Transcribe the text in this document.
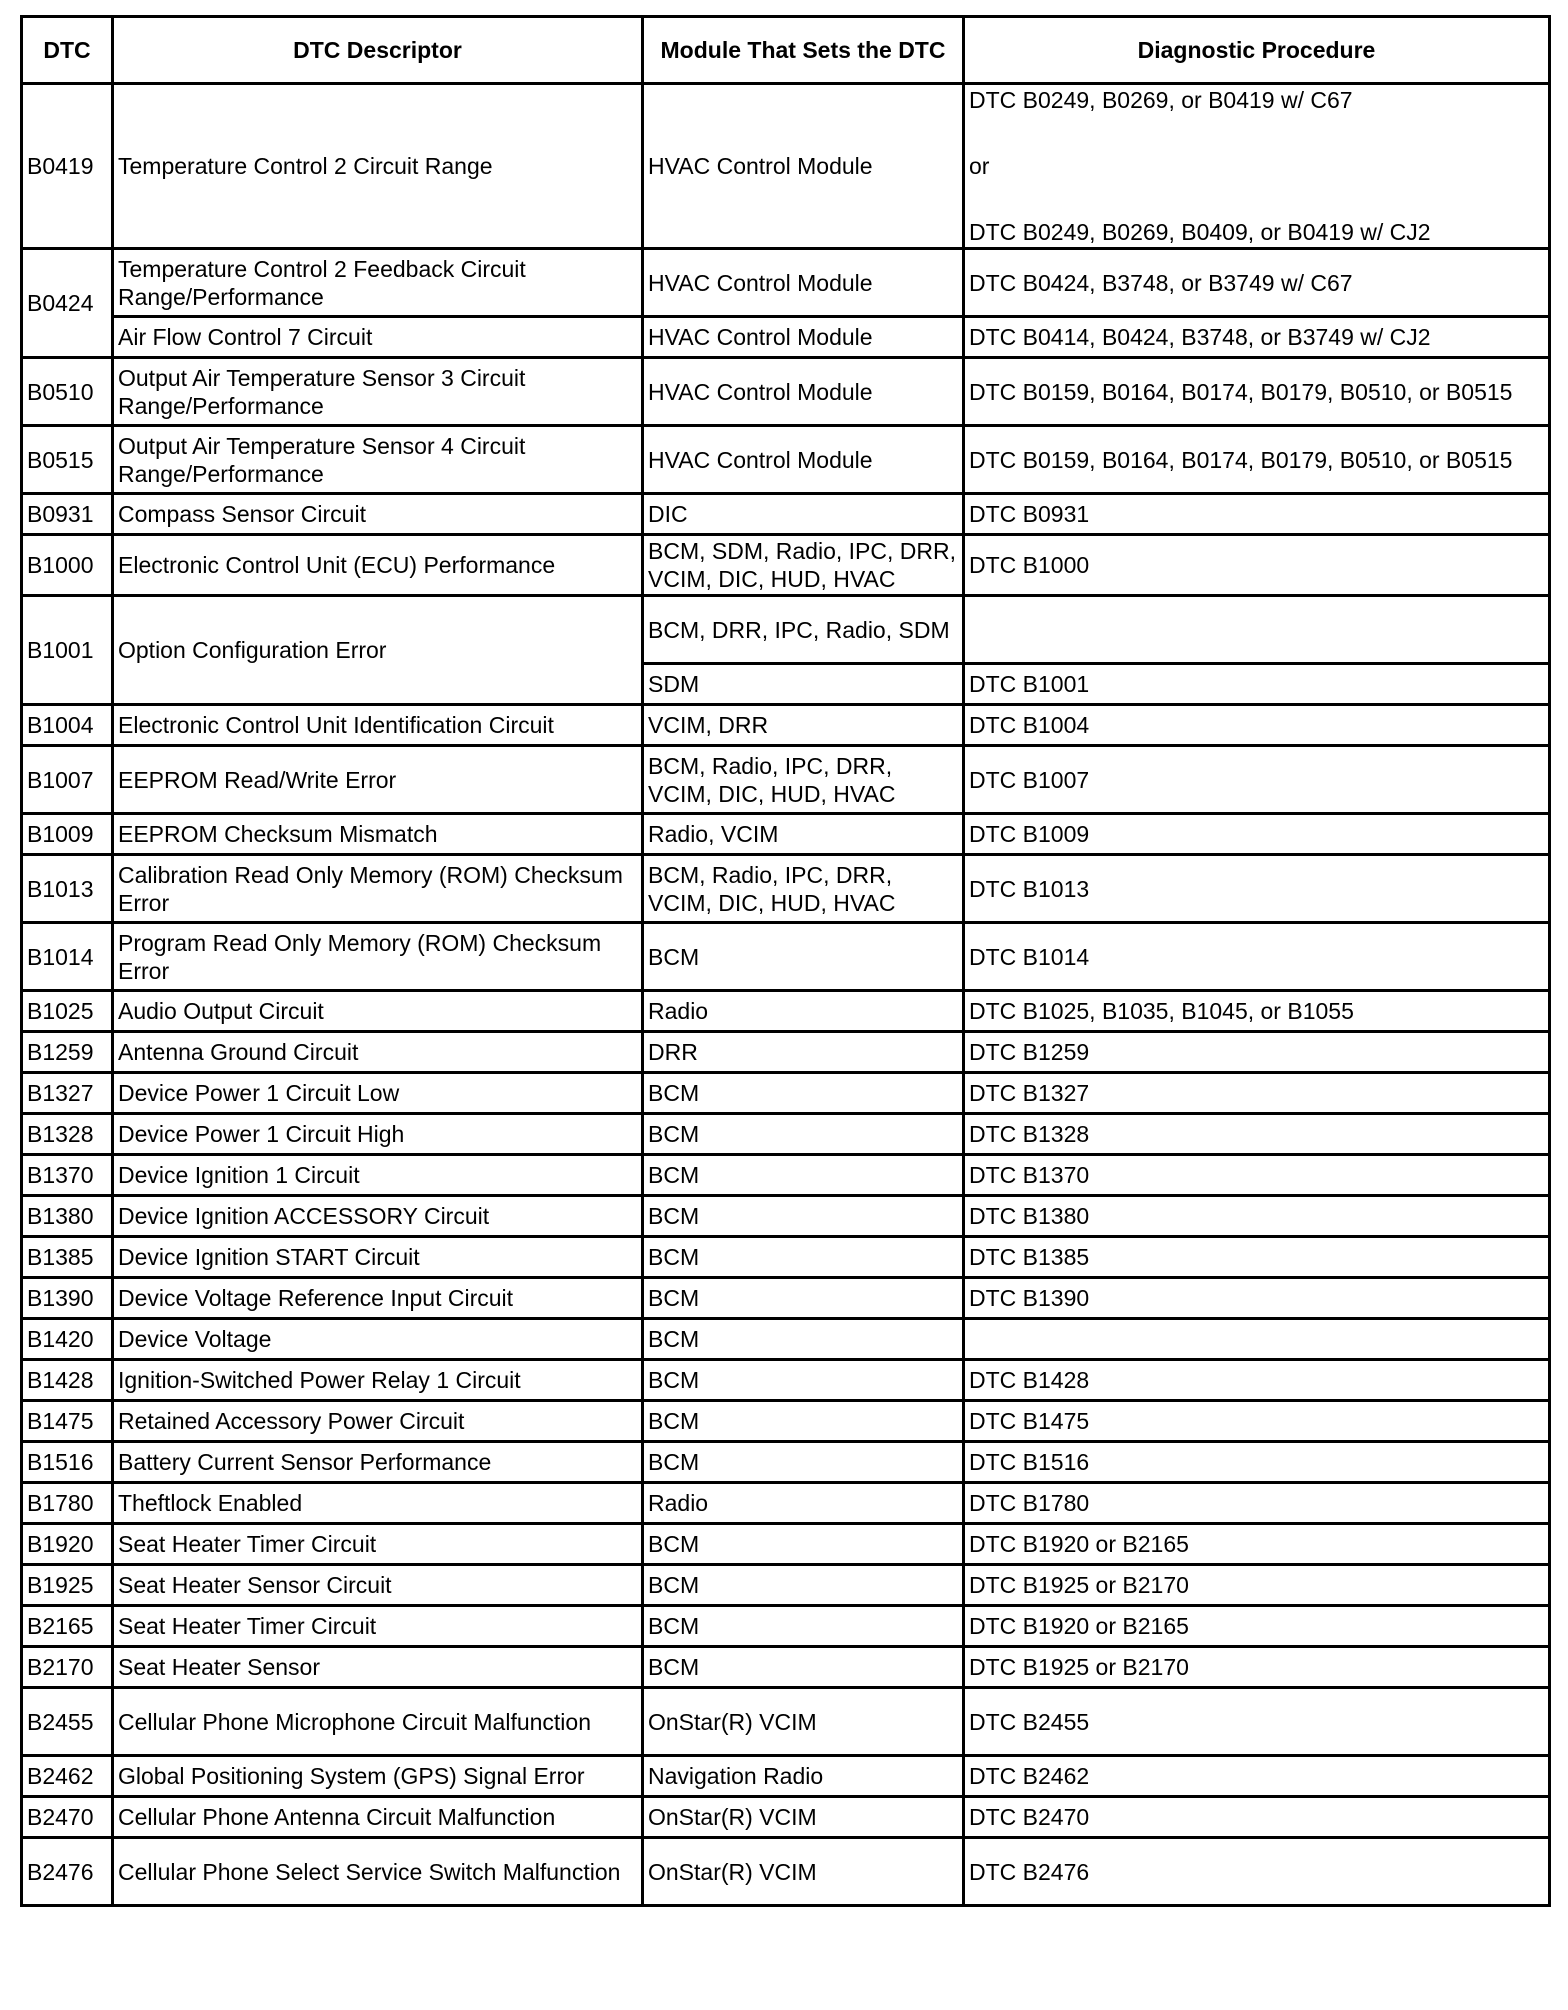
DTC	DTC Descriptor	Module That Sets the DTC	Diagnostic Procedure
B0419	Temperature Control 2 Circuit Range	HVAC Control Module	DTC B0249, B0269, or B0419 w/ C67
or
DTC B0249, B0269, B0409, or B0419 w/ CJ2

B0424	Temperature Control 2 Feedback Circuit Range/Performance	HVAC Control Module	DTC B0424, B3748, or B3749 w/ C67
	Air Flow Control 7 Circuit	HVAC Control Module	DTC B0414, B0424, B3748, or B3749 w/ CJ2
B0510	Output Air Temperature Sensor 3 Circuit Range/Performance	HVAC Control Module	DTC B0159, B0164, B0174, B0179, B0510, or B0515
B0515	Output Air Temperature Sensor 4 Circuit Range/Performance	HVAC Control Module	DTC B0159, B0164, B0174, B0179, B0510, or B0515
B0931	Compass Sensor Circuit	DIC	DTC B0931
B1000	Electronic Control Unit (ECU) Performance	BCM, SDM, Radio, IPC, DRR, VCIM, DIC, HUD, HVAC	DTC B1000
B1001	Option Configuration Error	BCM, DRR, IPC, Radio, SDM	
		SDM	DTC B1001
B1004	Electronic Control Unit Identification Circuit	VCIM, DRR	DTC B1004
B1007	EEPROM Read/Write Error	BCM, Radio, IPC, DRR, VCIM, DIC, HUD, HVAC	DTC B1007
B1009	EEPROM Checksum Mismatch	Radio, VCIM	DTC B1009
B1013	Calibration Read Only Memory (ROM) Checksum Error	BCM, Radio, IPC, DRR, VCIM, DIC, HUD, HVAC	DTC B1013
B1014	Program Read Only Memory (ROM) Checksum Error	BCM	DTC B1014
B1025	Audio Output Circuit	Radio	DTC B1025, B1035, B1045, or B1055
B1259	Antenna Ground Circuit	DRR	DTC B1259
B1327	Device Power 1 Circuit Low	BCM	DTC B1327
B1328	Device Power 1 Circuit High	BCM	DTC B1328
B1370	Device Ignition 1 Circuit	BCM	DTC B1370
B1380	Device Ignition ACCESSORY Circuit	BCM	DTC B1380
B1385	Device Ignition START Circuit	BCM	DTC B1385
B1390	Device Voltage Reference Input Circuit	BCM	DTC B1390
B1420	Device Voltage	BCM	
B1428	Ignition-Switched Power Relay 1 Circuit	BCM	DTC B1428
B1475	Retained Accessory Power Circuit	BCM	DTC B1475
B1516	Battery Current Sensor Performance	BCM	DTC B1516
B1780	Theftlock Enabled	Radio	DTC B1780
B1920	Seat Heater Timer Circuit	BCM	DTC B1920 or B2165
B1925	Seat Heater Sensor Circuit	BCM	DTC B1925 or B2170
B2165	Seat Heater Timer Circuit	BCM	DTC B1920 or B2165
B2170	Seat Heater Sensor	BCM	DTC B1925 or B2170
B2455	Cellular Phone Microphone Circuit Malfunction	OnStar(R) VCIM	DTC B2455
B2462	Global Positioning System (GPS) Signal Error	Navigation Radio	DTC B2462
B2470	Cellular Phone Antenna Circuit Malfunction	OnStar(R) VCIM	DTC B2470
B2476	Cellular Phone Select Service Switch Malfunction	OnStar(R) VCIM	DTC B2476
